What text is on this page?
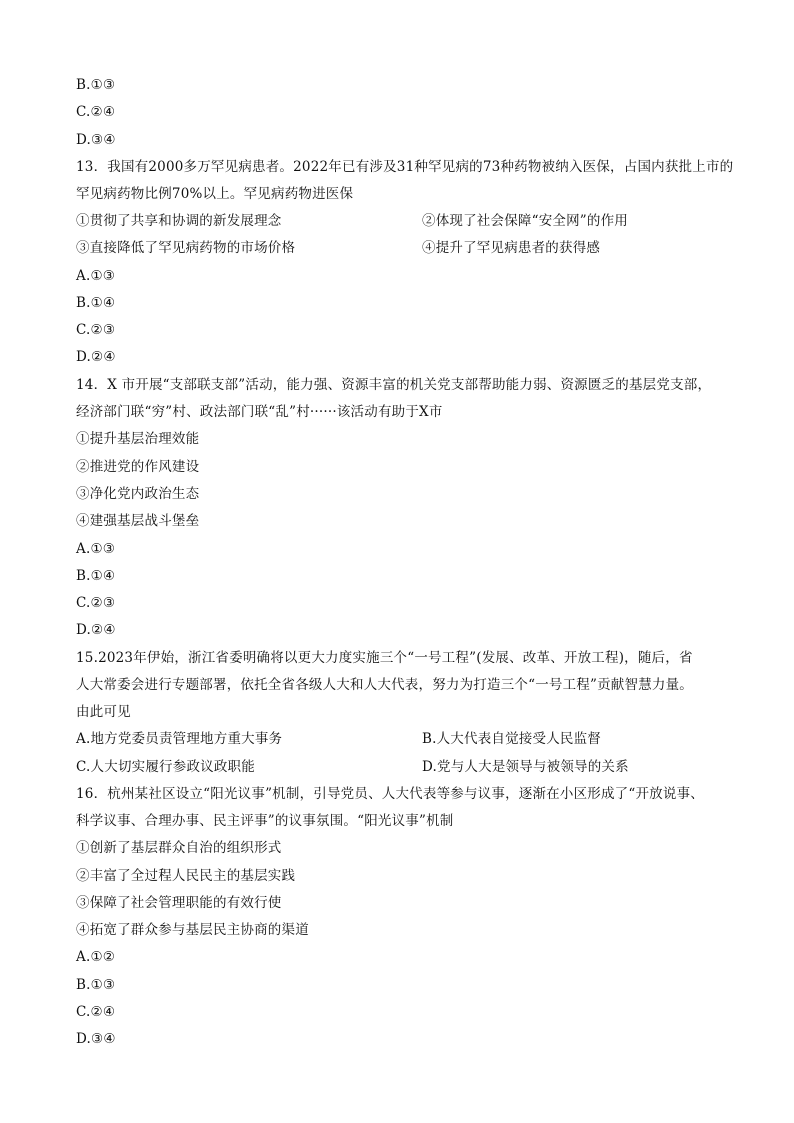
B.①③
C.②④
D.③④
13．我国有2000多万罕见病患者。2022年已有涉及31种罕见病的73种药物被纳入医保，占国内获批上市的
罕见病药物比例70%以上。罕见病药物进医保
①贯彻了共享和协调的新发展理念	②体现了社会保障“安全网”的作用
③直接降低了罕见病药物的市场价格	④提升了罕见病患者的获得感
A.①③
B.①④
C.②③
D.②④
14．X 市开展“支部联支部”活动，能力强、资源丰富的机关党支部帮助能力弱、资源匮乏的基层党支部，
经济部门联“穷”村、政法部门联“乱”村······该活动有助于X市
①提升基层治理效能
②推进党的作风建设
③净化党内政治生态
④建强基层战斗堡垒
A.①③
B.①④
C.②③
D.②④
15.2023年伊始，浙江省委明确将以更大力度实施三个“一号工程”(发展、改革、开放工程)，随后，省
人大常委会进行专题部署，依托全省各级人大和人大代表，努力为打造三个“一号工程”贡献智慧力量。
由此可见
A.地方党委员责管理地方重大事务	B.人大代表自觉接受人民监督
C.人大切实履行参政议政职能	D.党与人大是领导与被领导的关系
16．杭州某社区设立“阳光议事”机制，引导党员、人大代表等参与议事，逐渐在小区形成了“开放说事、
科学议事、合理办事、民主评事”的议事氛围。“阳光议事”机制
①创新了基层群众自治的组织形式
②丰富了全过程人民民主的基层实践
③保障了社会管理职能的有效行使
④拓宽了群众参与基层民主协商的渠道
A.①②
B.①③
C.②④
D.③④
